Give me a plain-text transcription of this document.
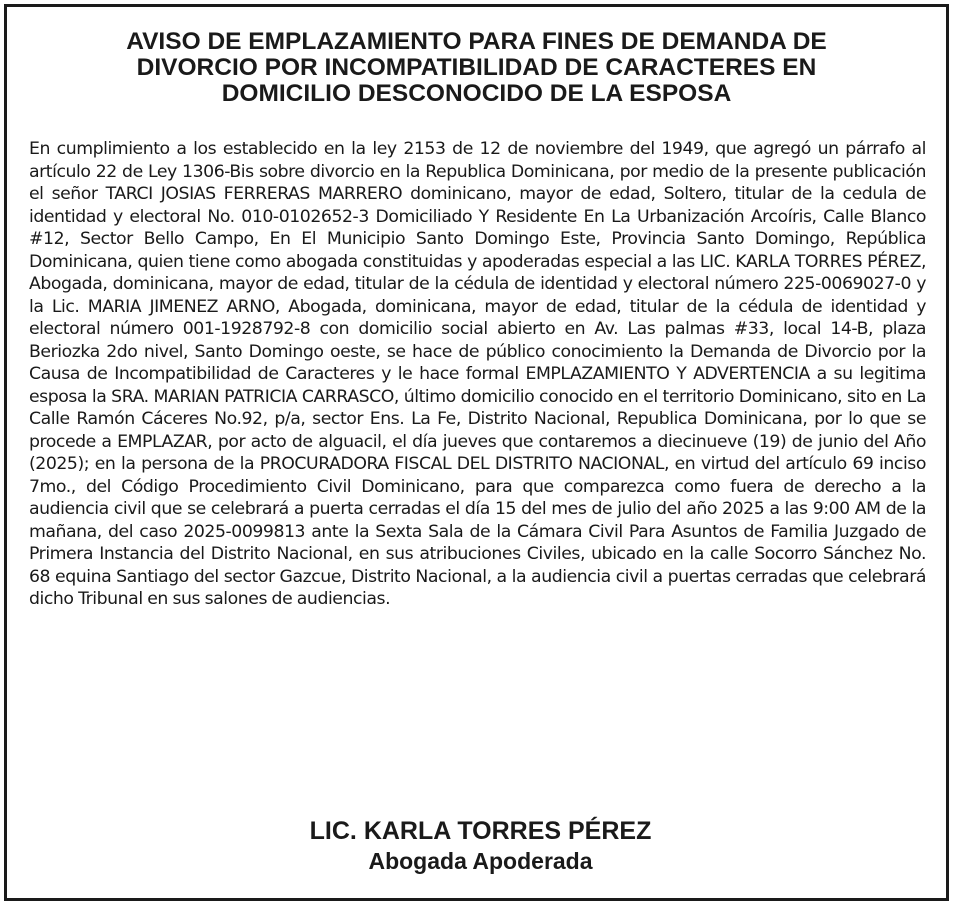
AVISO DE EMPLAZAMIENTO PARA FINES DE DEMANDA DE
DIVORCIO POR INCOMPATIBILIDAD DE CARACTERES EN
DOMICILIO DESCONOCIDO DE LA ESPOSA

En cumplimiento a los establecido en la ley 2153 de 12 de noviembre del 1949, que agregó un párrafo al artículo 22 de Ley 1306-Bis sobre divorcio en la Republica Dominicana, por medio de la presente publicación el señor TARCI JOSIAS FERRERAS MARRERO dominicano, mayor de edad, Soltero, titular de la cedula de identidad y electoral No. 010-0102652-3 Domiciliado Y Residente En La Urbanización Arcoíris, Calle Blanco #12, Sector Bello Campo, En El Municipio Santo Domingo Este, Provincia Santo Domingo, República Dominicana, quien tiene como abogada constituidas y apoderadas especial a las LIC. KARLA TORRES PÉREZ, Abogada, dominicana, mayor de edad, titular de la cédula de identidad y electoral número 225-0069027-0 y la Lic. MARIA JIMENEZ ARNO, Abogada, dominicana, mayor de edad, titular de la cédula de identidad y electoral número 001-1928792-8 con domicilio social abierto en Av. Las palmas #33, local 14-B, plaza Beriozka 2do nivel, Santo Domingo oeste, se hace de público conocimiento la Demanda de Divorcio por la Causa de Incompatibilidad de Caracteres y le hace formal EMPLAZAMIENTO Y ADVERTENCIA a su legitima esposa la SRA. MARIAN PATRICIA CARRASCO, último domicilio conocido en el territorio Dominicano, sito en La Calle Ramón Cáceres No.92, p/a, sector Ens. La Fe, Distrito Nacional, Republica Dominicana, por lo que se procede a EMPLAZAR, por acto de alguacil, el día jueves que contaremos a diecinueve (19) de junio del Año (2025); en la persona de la PROCURADORA FISCAL DEL DISTRITO NACIONAL, en virtud del artículo 69 inciso 7mo., del Código Procedimiento Civil Dominicano, para que comparezca como fuera de derecho a la audiencia civil que se celebrará a puerta cerradas el día 15 del mes de julio del año 2025 a las 9:00 AM de la mañana, del caso 2025-0099813 ante la Sexta Sala de la Cámara Civil Para Asuntos de Familia Juzgado de Primera Instancia del Distrito Nacional, en sus atribuciones Civiles, ubicado en la calle Socorro Sánchez No. 68 equina Santiago del sector Gazcue, Distrito Nacional, a la audiencia civil a puertas cerradas que celebrará dicho Tribunal en sus salones de audiencias.

LIC. KARLA TORRES PÉREZ
Abogada Apoderada
